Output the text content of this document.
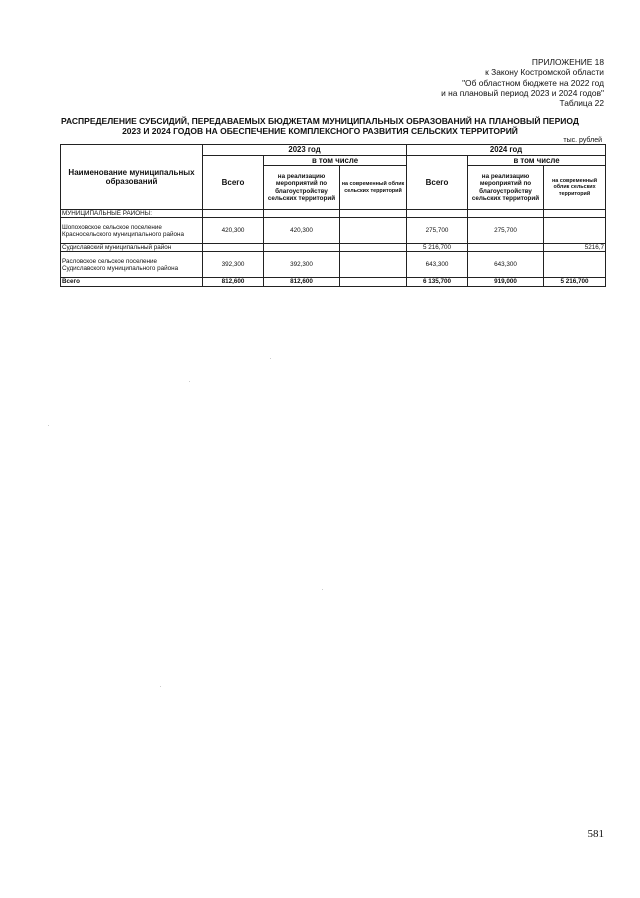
ПРИЛОЖЕНИЕ 18
к Закону Костромской области
"Об областном бюджете на 2022 год
и на плановый период 2023 и 2024 годов"
Таблица 22
РАСПРЕДЕЛЕНИЕ СУБСИДИЙ, ПЕРЕДАВАЕМЫХ БЮДЖЕТАМ МУНИЦИПАЛЬНЫХ ОБРАЗОВАНИЙ НА ПЛАНОВЫЙ ПЕРИОД
2023 И 2024 ГОДОВ НА ОБЕСПЕЧЕНИЕ КОМПЛЕКСНОГО РАЗВИТИЯ СЕЛЬСКИХ ТЕРРИТОРИЙ
тыс. рублей
Наименование муниципальных образований	2023 год			2024 год		
	Всего	в том числе		Всего	в том числе	
		на реализацию мероприятий по благоустройству сельских территорий	на современный облик сельских территорий		на реализацию мероприятий по благоустройству сельских территорий	на современный облик сельских территорий
МУНИЦИПАЛЬНЫЕ РАЙОНЫ:						
Шопоховское сельское поселение Красносельского муниципального района	420,300	420,300		275,700	275,700	
Судиславский муниципальный район				5 216,700		5216,7
Расловское сельское поселение Судиславского муниципального района	392,300	392,300		643,300	643,300	
Всего	812,600	812,600		6 135,700	919,000	5 216,700
581
